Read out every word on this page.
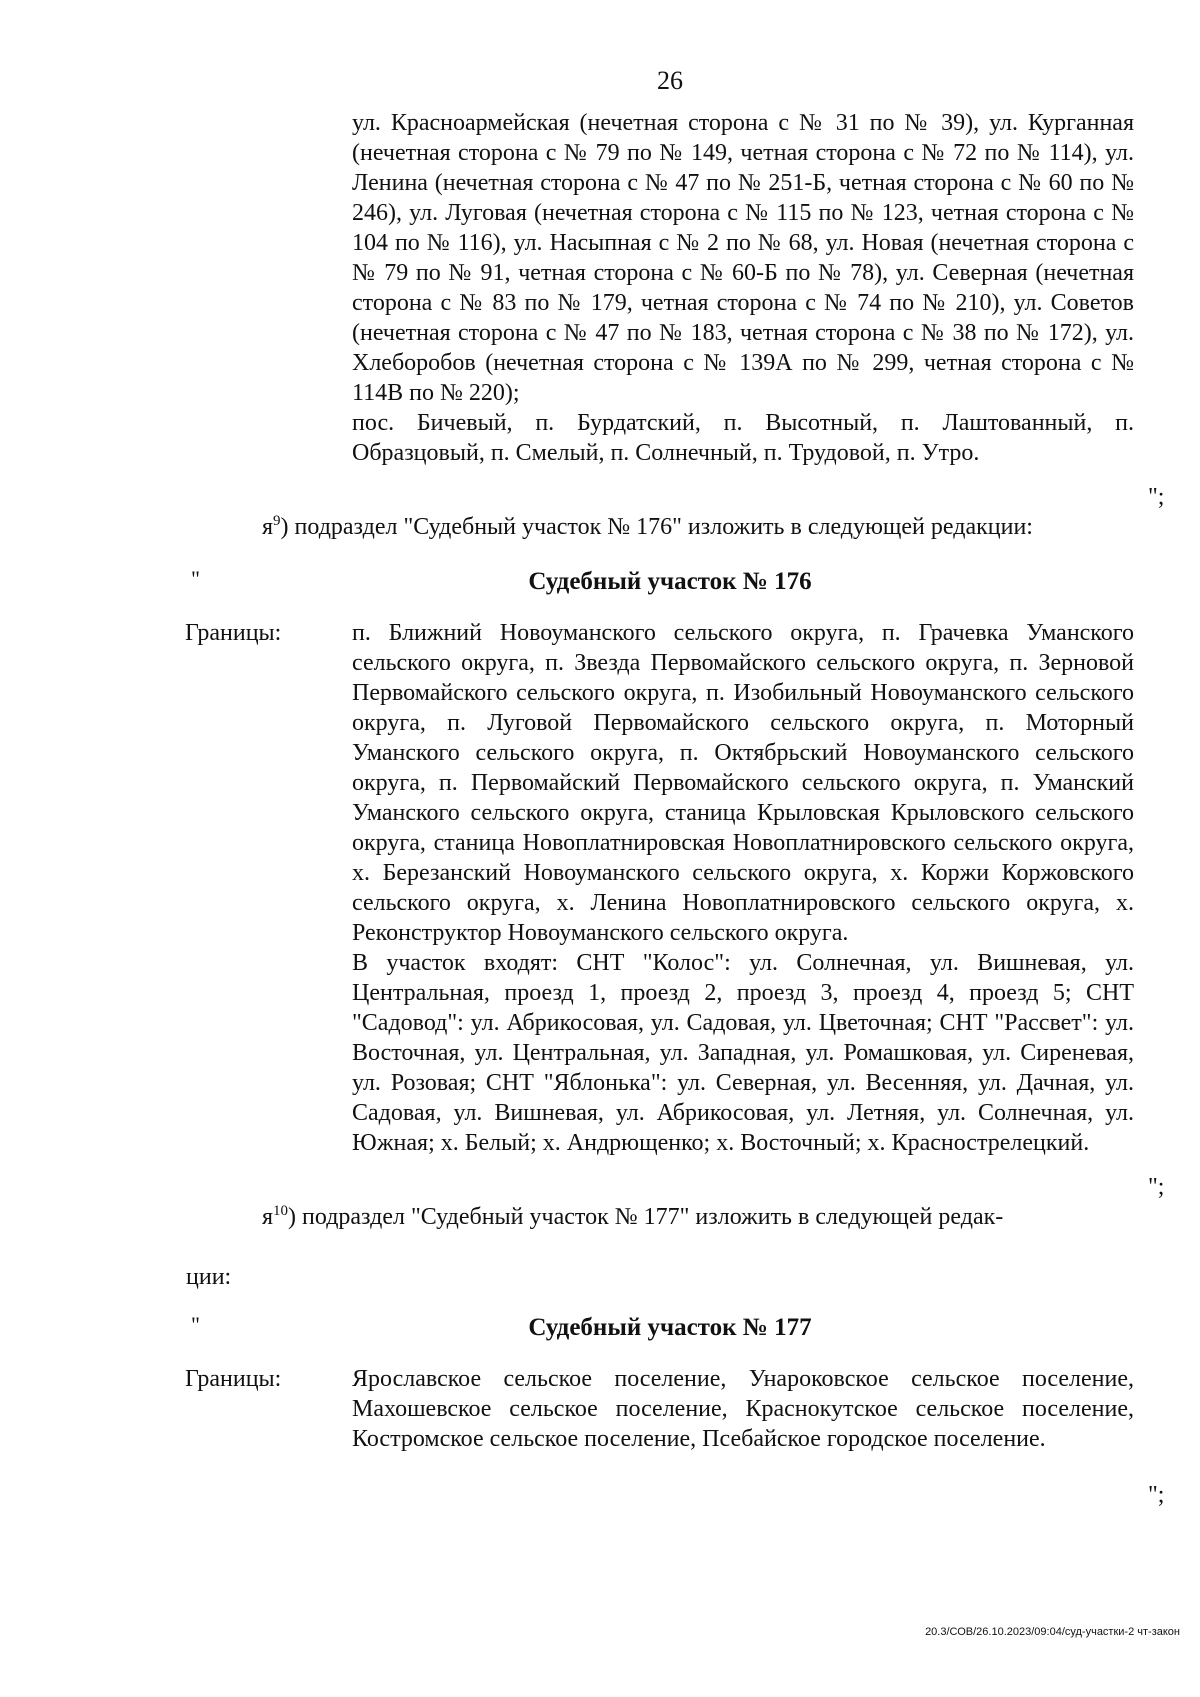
26

ул. Красноармейская (нечетная сторона с № 31 по № 39), ул. Курганная (нечетная сторона с № 79 по № 149, четная сторона с № 72 по № 114), ул. Ленина (нечетная сторона с № 47 по № 251-Б, четная сторона с № 60 по № 246), ул. Луговая (нечетная сторона с № 115 по № 123, четная сторона с № 104 по № 116), ул. Насыпная с № 2 по № 68, ул. Новая (нечетная сторона с № 79 по № 91, четная сторона с № 60-Б по № 78), ул. Северная (нечетная сторона с № 83 по № 179, четная сторона с № 74 по № 210), ул. Советов (нечетная сторона с № 47 по № 183, четная сторона с № 38 по № 172), ул. Хлеборобов (нечетная сторона с № 139А по № 299, четная сторона с № 114В по № 220);

пос. Бичевый, п. Бурдатский, п. Высотный, п. Лаштованный, п. Образцовый, п. Смелый, п. Солнечный, п. Трудовой, п. Утро.

";
$я^9$) подраздел "Судебный участок № 176" изложить в следующей редакции:
"	Судебный участок № 176
Границы:	п. Ближний Новоуманского сельского округа, п. Грачевка Уманского сельского округа, п. Звезда Первомайского сельского округа, п. Зерновой Первомайского сельского округа, п. Изобильный Новоуманского сельского округа, п. Луговой Первомайского сельского округа, п. Моторный Уманского сельского округа, п. Октябрьский Новоуманского сельского округа, п. Первомайский Первомайского сельского округа, п. Уманский Уманского сельского округа, станица Крыловская Крыловского сельского округа, станица Новоплатнировская Новоплатнировского сельского округа, х. Березанский Новоуманского сельского округа, х. Коржи Коржовского сельского округа, х. Ленина Новоплатнировского сельского округа, х. Реконструктор Новоуманского сельского округа.

В участок входят: СНТ "Колос": ул. Солнечная, ул. Вишневая, ул. Центральная, проезд 1, проезд 2, проезд 3, проезд 4, проезд 5; СНТ "Садовод": ул. Абрикосовая, ул. Садовая, ул. Цветочная; СНТ "Рассвет": ул. Восточная, ул. Центральная, ул. Западная, ул. Ромашковая, ул. Сиреневая, ул. Розовая; СНТ "Яблонька": ул. Северная, ул. Весенняя, ул. Дачная, ул. Садовая, ул. Вишневая, ул. Абрикосовая, ул. Летняя, ул. Солнечная, ул. Южная; х. Белый; х. Андрющенко; х. Восточный; х. Краснострелецкий.

";
$я^{10}$) подраздел "Судебный участок № 177" изложить в следующей редак-
ции:
"	Судебный участок № 177
Границы:	Ярославское сельское поселение, Унароковское сельское поселение, Махошевское сельское поселение, Краснокутское сельское поселение, Костромское сельское поселение, Псебайское городское поселение.

";
20.3/СОВ/26.10.2023/09:04/суд-участки-2 чт-закон
